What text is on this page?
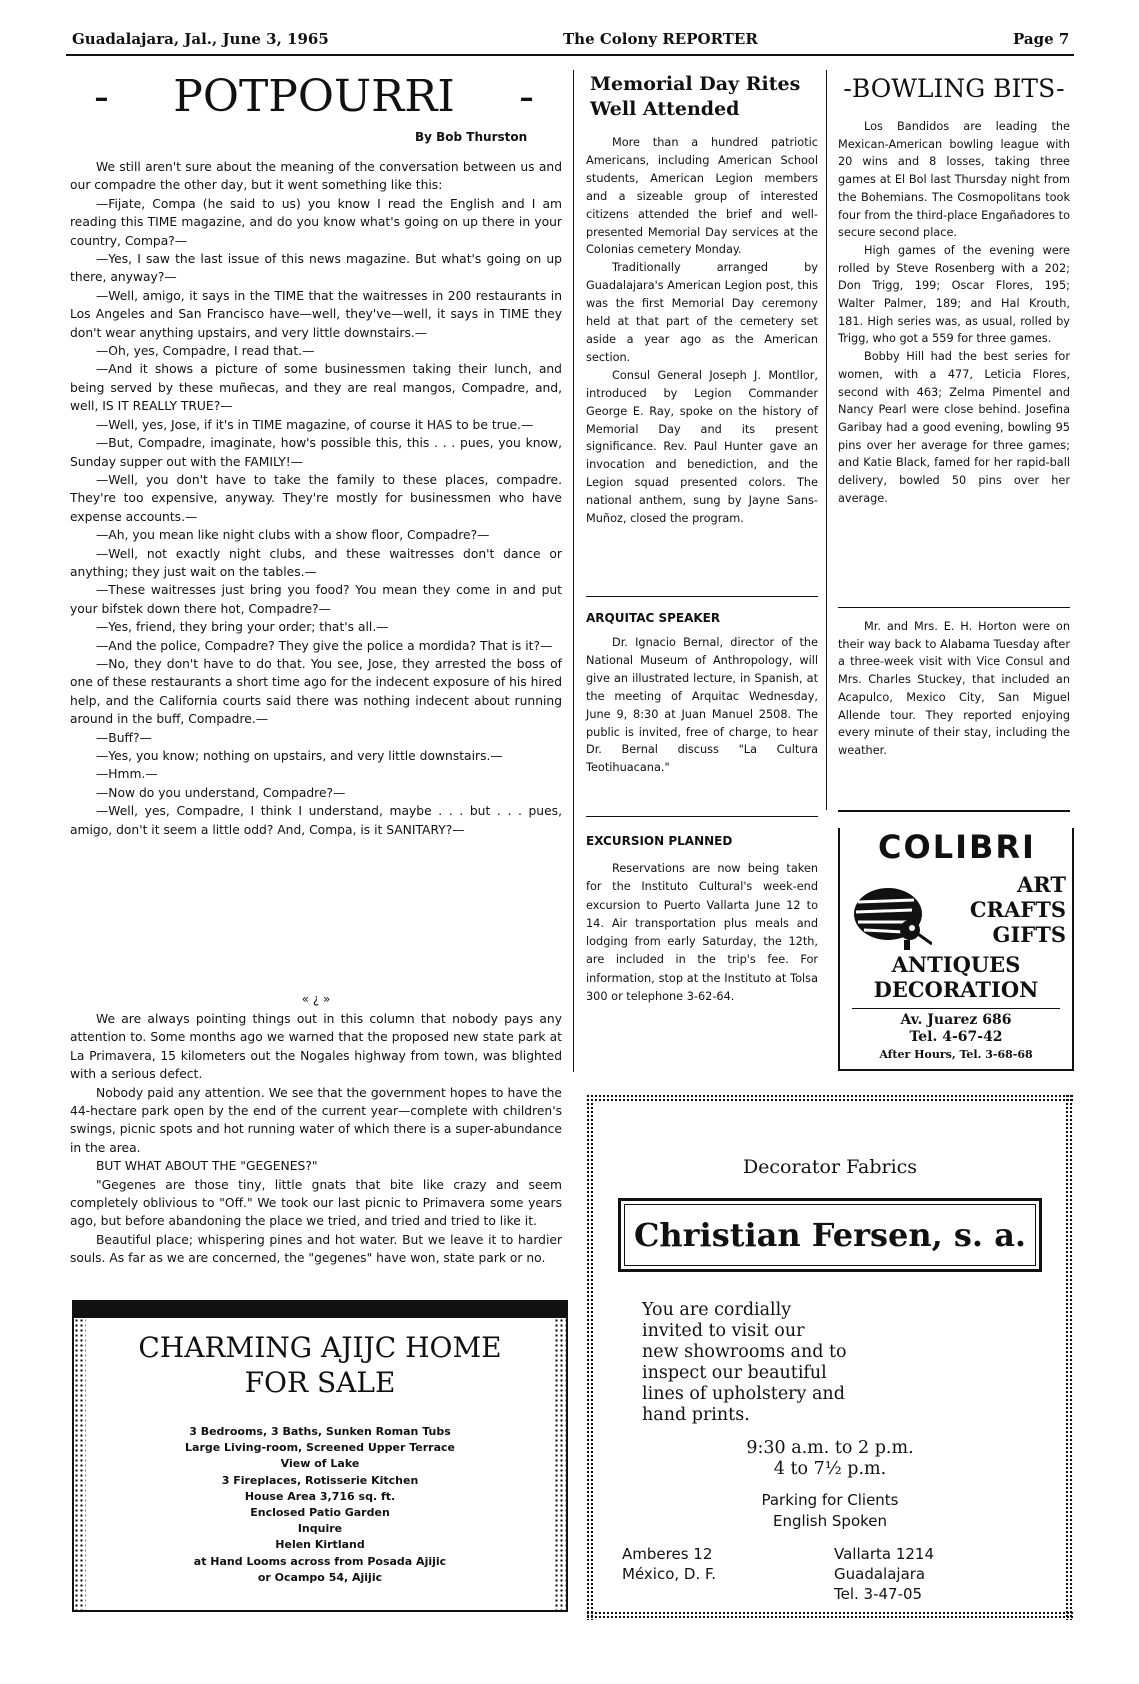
Guadalajara, Jal., June 3, 1965	The Colony REPORTER	Page 7
- POTPOURRI -
By Bob Thurston

We still aren't sure about the meaning of the conversation between us and our compadre the other day, but it went something like this:

—Fijate, Compa (he said to us) you know I read the English and I am reading this TIME magazine, and do you know what's going on up there in your country, Compa?—

—Yes, I saw the last issue of this news magazine. But what's going on up there, anyway?—

—Well, amigo, it says in the TIME that the waitresses in 200 restaurants in Los Angeles and San Francisco have—well, they've—well, it says in TIME they don't wear anything upstairs, and very little downstairs.—

—Oh, yes, Compadre, I read that.—

—And it shows a picture of some businessmen taking their lunch, and being served by these muñecas, and they are real mangos, Compadre, and, well, IS IT REALLY TRUE?—

—Well, yes, Jose, if it's in TIME magazine, of course it HAS to be true.—

—But, Compadre, imaginate, how's possible this, this . . . pues, you know, Sunday supper out with the FAMILY!—

—Well, you don't have to take the family to these places, compadre. They're too expensive, anyway. They're mostly for businessmen who have expense accounts.—

—Ah, you mean like night clubs with a show floor, Compadre?—

—Well, not exactly night clubs, and these waitresses don't dance or anything; they just wait on the tables.—

—These waitresses just bring you food? You mean they come in and put your bifstek down there hot, Compadre?—

—Yes, friend, they bring your order; that's all.—

—And the police, Compadre? They give the police a mordida? That is it?—

—No, they don't have to do that. You see, Jose, they arrested the boss of one of these restaurants a short time ago for the indecent exposure of his hired help, and the California courts said there was nothing indecent about running around in the buff, Compadre.—

—Buff?—

—Yes, you know; nothing on upstairs, and very little downstairs.—

—Hmm.—

—Now do you understand, Compadre?—

—Well, yes, Compadre, I think I understand, maybe . . . but . . . pues, amigo, don't it seem a little odd? And, Compa, is it SANITARY?—

« ¿ »

We are always pointing things out in this column that nobody pays any attention to. Some months ago we warned that the proposed new state park at La Primavera, 15 kilometers out the Nogales highway from town, was blighted with a serious defect.

Nobody paid any attention. We see that the government hopes to have the 44-hectare park open by the end of the current year—complete with children's swings, picnic spots and hot running water of which there is a super-abundance in the area.

BUT WHAT ABOUT THE "GEGENES?"

"Gegenes are those tiny, little gnats that bite like crazy and seem completely oblivious to "Off." We took our last picnic to Primavera some years ago, but before abandoning the place we tried, and tried and tried to like it.

Beautiful place; whispering pines and hot water. But we leave it to hardier souls. As far as we are concerned, the "gegenes" have won, state park or no.

CHARMING AJIJC HOME
FOR SALE
3 Bedrooms, 3 Baths, Sunken Roman Tubs
Large Living-room, Screened Upper Terrace
View of Lake
3 Fireplaces, Rotisserie Kitchen
House Area 3,716 sq. ft.
Enclosed Patio Garden
Inquire
Helen Kirtland
at Hand Looms across from Posada Ajijic
or Ocampo 54, Ajijic
Memorial Day Rites
Well Attended

More than a hundred patriotic Americans, including American School students, American Legion members and a sizeable group of interested citizens attended the brief and well-presented Memorial Day services at the Colonias cemetery Monday.

Traditionally arranged by Guadalajara's American Legion post, this was the first Memorial Day ceremony held at that part of the cemetery set aside a year ago as the American section.

Consul General Joseph J. Montllor, introduced by Legion Commander George E. Ray, spoke on the history of Memorial Day and its present significance. Rev. Paul Hunter gave an invocation and benediction, and the Legion squad presented colors. The national anthem, sung by Jayne Sans-Muñoz, closed the program.

ARQUITAC SPEAKER

Dr. Ignacio Bernal, director of the National Museum of Anthropology, will give an illustrated lecture, in Spanish, at the meeting of Arquitac Wednesday, June 9, 8:30 at Juan Manuel 2508. The public is invited, free of charge, to hear Dr. Bernal discuss "La Cultura Teotihuacana."

EXCURSION PLANNED

Reservations are now being taken for the Instituto Cultural's week-end excursion to Puerto Vallarta June 12 to 14. Air transportation plus meals and lodging from early Saturday, the 12th, are included in the trip's fee. For information, stop at the Instituto at Tolsa 300 or telephone 3-62-64.

-BOWLING BITS-

Los Bandidos are leading the Mexican-American bowling league with 20 wins and 8 losses, taking three games at El Bol last Thursday night from the Bohemians. The Cosmopolitans took four from the third-place Engañadores to secure second place.

High games of the evening were rolled by Steve Rosenberg with a 202; Don Trigg, 199; Oscar Flores, 195; Walter Palmer, 189; and Hal Krouth, 181. High series was, as usual, rolled by Trigg, who got a 559 for three games.

Bobby Hill had the best series for women, with a 477, Leticia Flores, second with 463; Zelma Pimentel and Nancy Pearl were close behind. Josefina Garibay had a good evening, bowling 95 pins over her average for three games; and Katie Black, famed for her rapid-ball delivery, bowled 50 pins over her average.

Mr. and Mrs. E. H. Horton were on their way back to Alabama Tuesday after a three-week visit with Vice Consul and Mrs. Charles Stuckey, that included an Acapulco, Mexico City, San Miguel Allende tour. They reported enjoying every minute of their stay, including the weather.

COLIBRI
ART
CRAFTS
GIFTS
ANTIQUES
DECORATION
Av. Juarez 686
Tel. 4-67-42
After Hours, Tel. 3-68-68
Decorator Fabrics
Christian Fersen, s. a.
You are cordially
invited to visit our
new showrooms and to
inspect our beautiful
lines of upholstery and
hand prints.
9:30 a.m. to 2 p.m.
4 to 7½ p.m.
Parking for Clients
English Spoken
Amberes 12
México, D. F.
Vallarta 1214
Guadalajara
Tel. 3-47-05
